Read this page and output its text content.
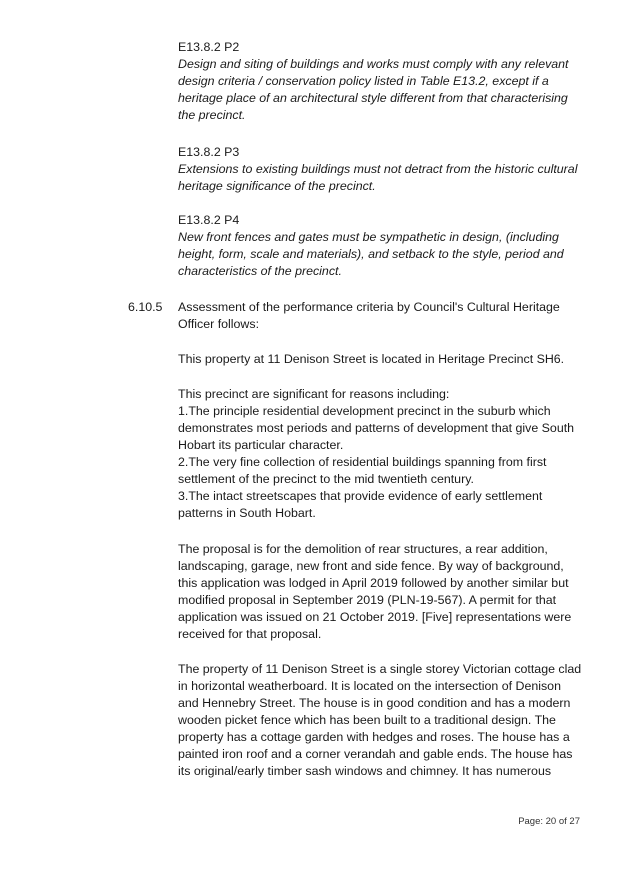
E13.8.2 P2

Design and siting of buildings and works must comply with any relevant design criteria / conservation policy listed in Table E13.2, except if a heritage place of an architectural style different from that characterising the precinct.

E13.8.2 P3

Extensions to existing buildings must not detract from the historic cultural heritage significance of the precinct.

E13.8.2 P4

New front fences and gates must be sympathetic in design, (including height, form, scale and materials), and setback to the style, period and characteristics of the precinct.

6.10.5 Assessment of the performance criteria by Council's Cultural Heritage Officer follows:

This property at 11 Denison Street is located in Heritage Precinct SH6.

This precinct are significant for reasons including:

1.The principle residential development precinct in the suburb which demonstrates most periods and patterns of development that give South Hobart its particular character.

2.The very fine collection of residential buildings spanning from first settlement of the precinct to the mid twentieth century.

3.The intact streetscapes that provide evidence of early settlement patterns in South Hobart.

The proposal is for the demolition of rear structures, a rear addition, landscaping, garage, new front and side fence. By way of background, this application was lodged in April 2019 followed by another similar but modified proposal in September 2019 (PLN-19-567). A permit for that application was issued on 21 October 2019. [Five] representations were received for that proposal.

The property of 11 Denison Street is a single storey Victorian cottage clad in horizontal weatherboard. It is located on the intersection of Denison and Hennebry Street. The house is in good condition and has a modern wooden picket fence which has been built to a traditional design. The property has a cottage garden with hedges and roses. The house has a painted iron roof and a corner verandah and gable ends. The house has its original/early timber sash windows and chimney. It has numerous

Page: 20 of 27
